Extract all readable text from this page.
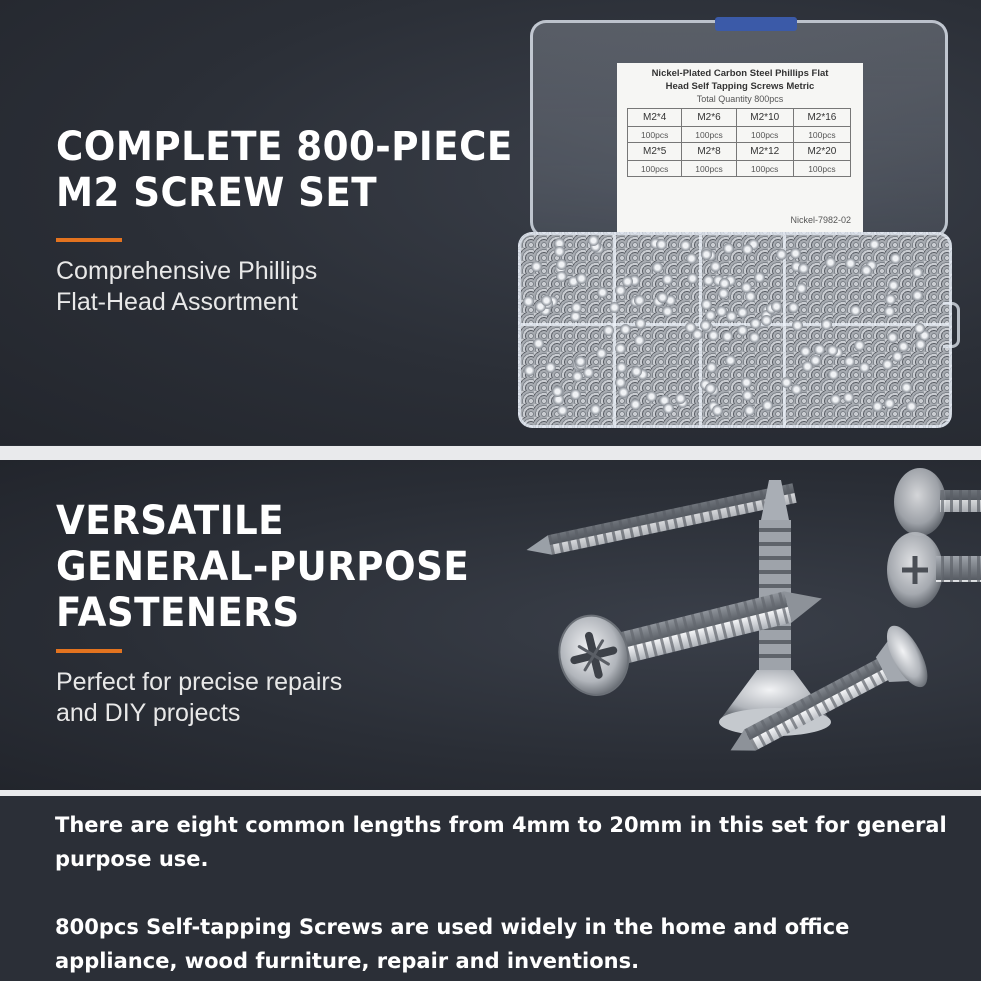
COMPLETE 800-PIECE
M2 SCREW SET

Comprehensive Phillips
Flat-Head Assortment

Nickel-Plated Carbon Steel Phillips Flat
Head Self Tapping Screws Metric
Total Quantity 800pcs
M2*4	M2*6	M2*10	M2*16
100pcs	100pcs	100pcs	100pcs
M2*5	M2*8	M2*12	M2*20
100pcs	100pcs	100pcs	100pcs
Nickel-7982-02
VERSATILE
GENERAL-PURPOSE
FASTENERS

Perfect for precise repairs
and DIY projects

There are eight common lengths from 4mm to 20mm in this set for general
purpose use.

800pcs Self-tapping Screws are used widely in the home and office
appliance, wood furniture, repair and inventions.
